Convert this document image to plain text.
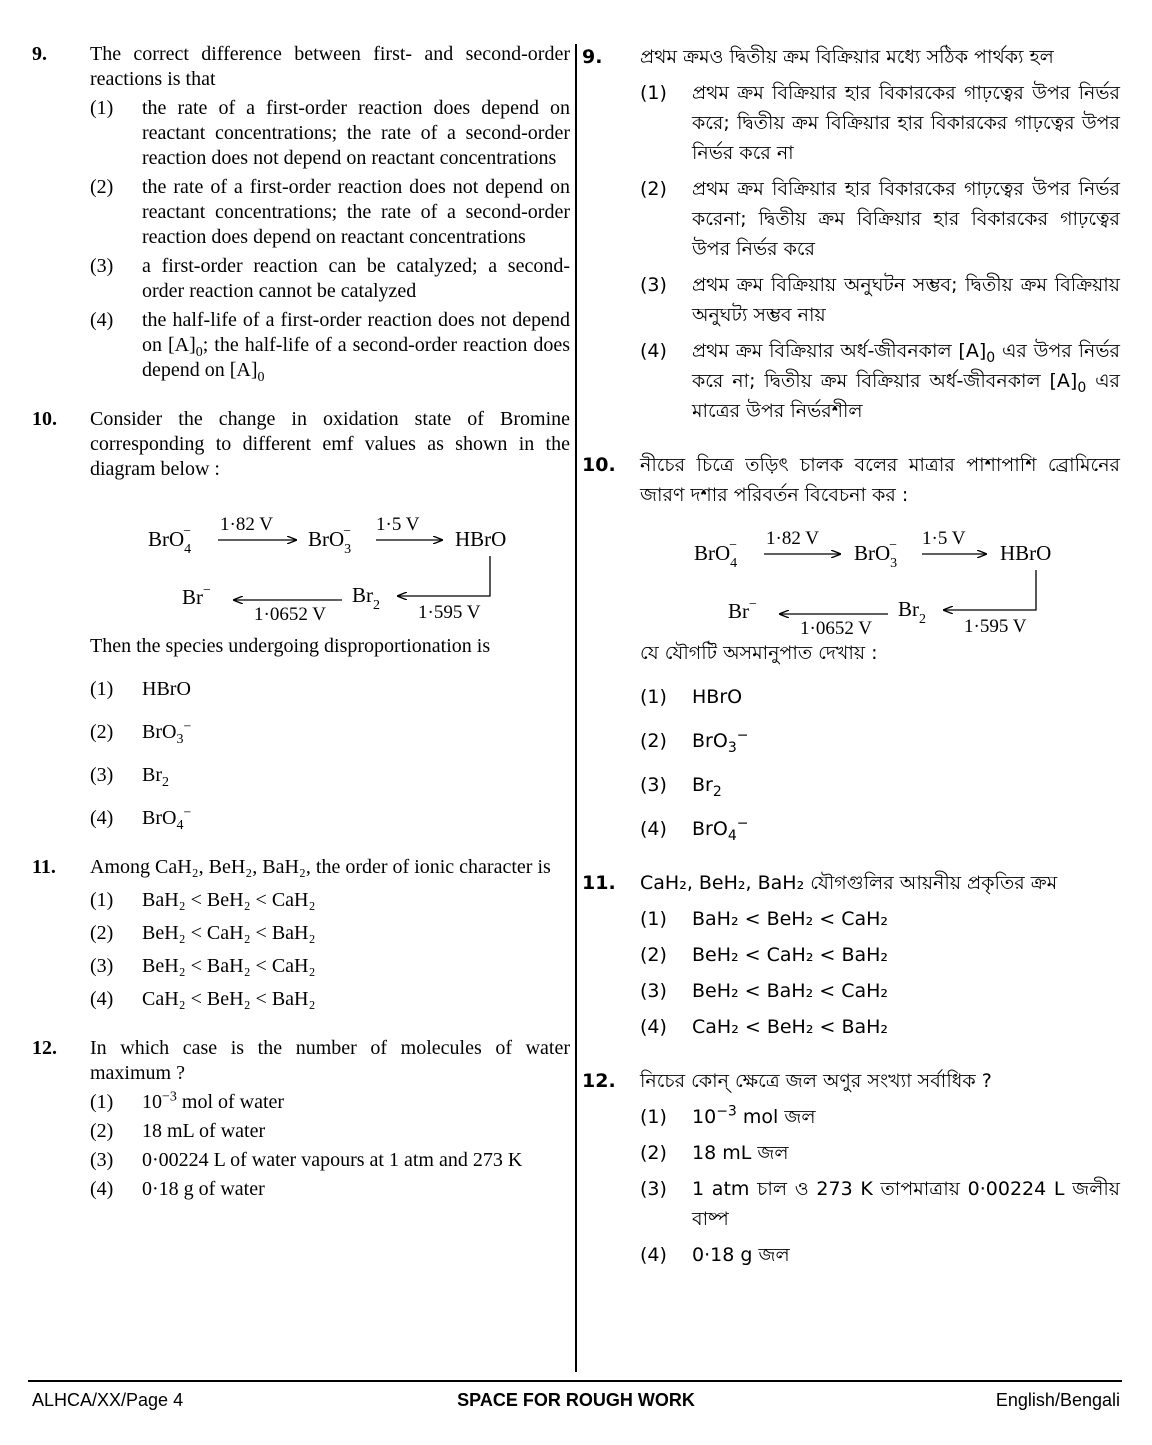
9. The correct difference between first- and second-order reactions is that
(1) the rate of a first-order reaction does depend on reactant concentrations; the rate of a second-order reaction does not depend on reactant concentrations
(2) the rate of a first-order reaction does not depend on reactant concentrations; the rate of a second-order reaction does depend on reactant concentrations
(3) a first-order reaction can be catalyzed; a second-order reaction cannot be catalyzed
(4) the half-life of a first-order reaction does not depend on $[A]_0$; the half-life of a second-order reaction does depend on $[A]_0$
10. Consider the change in oxidation state of Bromine corresponding to different emf values as shown in the diagram below :
BrO$_4$− 1·82 V
BrO$_3$− 1·5 V
HBrO
1·595 V
$Br_2$
1·0652 V
Br−
Then the species undergoing disproportionation is
(1) HBrO
(2) BrO$_3$−
(3) $Br_2$
(4) BrO$_4$−
11. Among CaH₂, BeH₂, BaH₂, the order of ionic character is
(1) BaH₂ < BeH₂ < CaH₂
(2) BeH₂ < CaH₂ < BaH₂
(3) BeH₂ < BaH₂ < CaH₂
(4) CaH₂ < BeH₂ < BaH₂
12. In which case is the number of molecules of water maximum ?
(1) $10^{-3}$ mol of water
(2) 18 mL of water
(3) 0·00224 L of water vapours at 1 atm and 273 K
(4) 0·18 g of water
9. প্রথম ক্রমও দ্বিতীয় ক্রম বিক্রিয়ার মধ্যে সঠিক পার্থক্য হল
(1) প্রথম ক্রম বিক্রিয়ার হার বিকারকের গাঢ়ত্বের উপর নির্ভর করে; দ্বিতীয় ক্রম বিক্রিয়ার হার বিকারকের গাঢ়ত্বের উপর নির্ভর করে না
(2) প্রথম ক্রম বিক্রিয়ার হার বিকারকের গাঢ়ত্বের উপর নির্ভর করেনা; দ্বিতীয় ক্রম বিক্রিয়ার হার বিকারকের গাঢ়ত্বের উপর নির্ভর করে
(3) প্রথম ক্রম বিক্রিয়ায় অনুঘটন সম্ভব; দ্বিতীয় ক্রম বিক্রিয়ায় অনুঘট্য সম্ভব নায়
(4) প্রথম ক্রম বিক্রিয়ার অর্ধ-জীবনকাল $[A]_0$ এর উপর নির্ভর করে না; দ্বিতীয় ক্রম বিক্রিয়ার অর্ধ-জীবনকাল $[A]_0$ এর মাত্রের উপর নির্ভরশীল
10. নীচের চিত্রে তড়িৎ চালক বলের মাত্রার পাশাপাশি ব্রোমিনের জারণ দশার পরিবর্তন বিবেচনা কর :
BrO$_4$− 1·82 V
BrO$_3$− 1·5 V
HBrO
1·595 V
$Br_2$
1·0652 V
Br−
যে যৌগটি অসমানুপাত দেখায় :
(1) HBrO
(2) BrO$_3$−
(3) $Br_2$
(4) BrO$_4$−
11. CaH₂, BeH₂, BaH₂ যৌগগুলির আয়নীয় প্রকৃতির ক্রম
(1) BaH₂ < BeH₂ < CaH₂
(2) BeH₂ < CaH₂ < BaH₂
(3) BeH₂ < BaH₂ < CaH₂
(4) CaH₂ < BeH₂ < BaH₂
12. নিচের কোন্ ক্ষেত্রে জল অণুর সংখ্যা সর্বাধিক ?
(1) $10^{-3}$ mol জল
(2) 18 mL জল
(3) 1 atm চাল ও 273 K তাপমাত্রায় 0·00224 L জলীয় বাষ্প
(4) 0·18 g জল
ALHCA/XX/Page 4	SPACE FOR ROUGH WORK	English/Bengali
